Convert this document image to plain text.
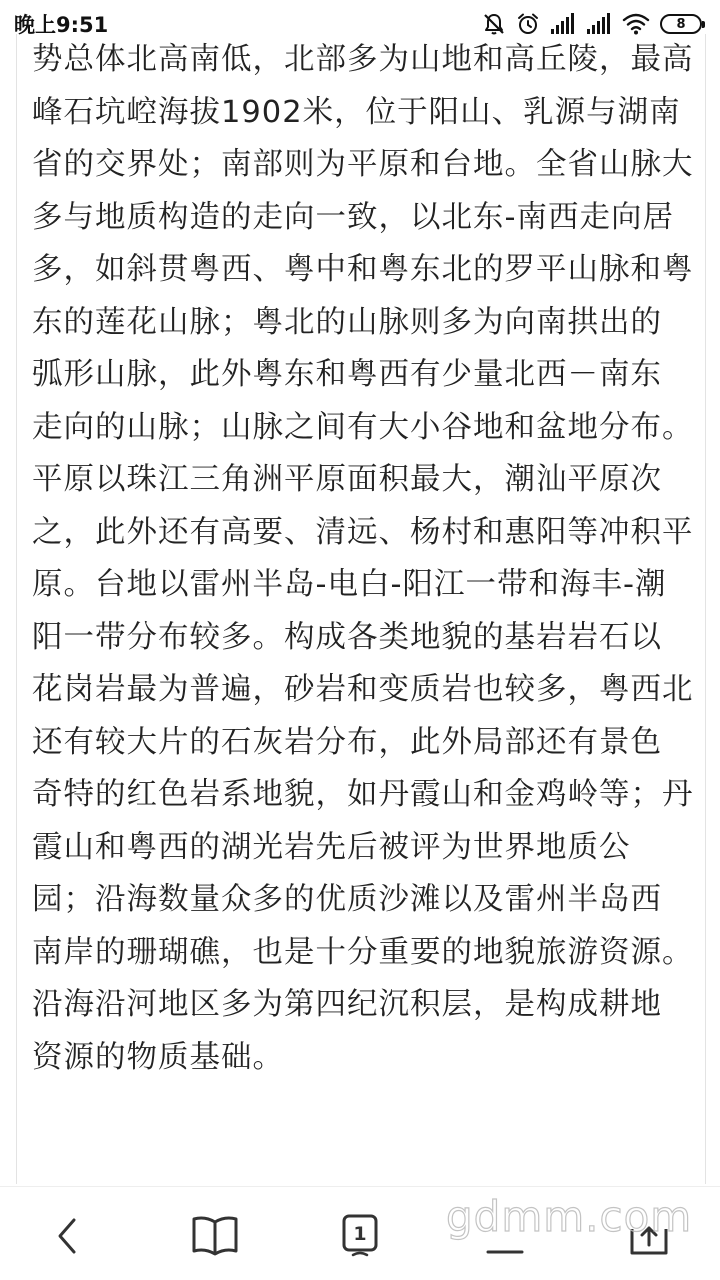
晚上9:51	8
势总体北高南低，北部多为山地和高丘陵，最高
峰石坑崆海拔1902米，位于阳山、乳源与湖南
省的交界处；南部则为平原和台地。全省山脉大
多与地质构造的走向一致，以北东-南西走向居
多，如斜贯粤西、粤中和粤东北的罗平山脉和粤
东的莲花山脉；粤北的山脉则多为向南拱出的
弧形山脉，此外粤东和粤西有少量北西－南东
走向的山脉；山脉之间有大小谷地和盆地分布。
平原以珠江三角洲平原面积最大，潮汕平原次
之，此外还有高要、清远、杨村和惠阳等冲积平
原。台地以雷州半岛-电白-阳江一带和海丰-潮
阳一带分布较多。构成各类地貌的基岩岩石以
花岗岩最为普遍，砂岩和变质岩也较多，粤西北
还有较大片的石灰岩分布，此外局部还有景色
奇特的红色岩系地貌，如丹霞山和金鸡岭等；丹
霞山和粤西的湖光岩先后被评为世界地质公
园；沿海数量众多的优质沙滩以及雷州半岛西
南岸的珊瑚礁，也是十分重要的地貌旅游资源。
沿海沿河地区多为第四纪沉积层，是构成耕地
资源的物质基础。
1
